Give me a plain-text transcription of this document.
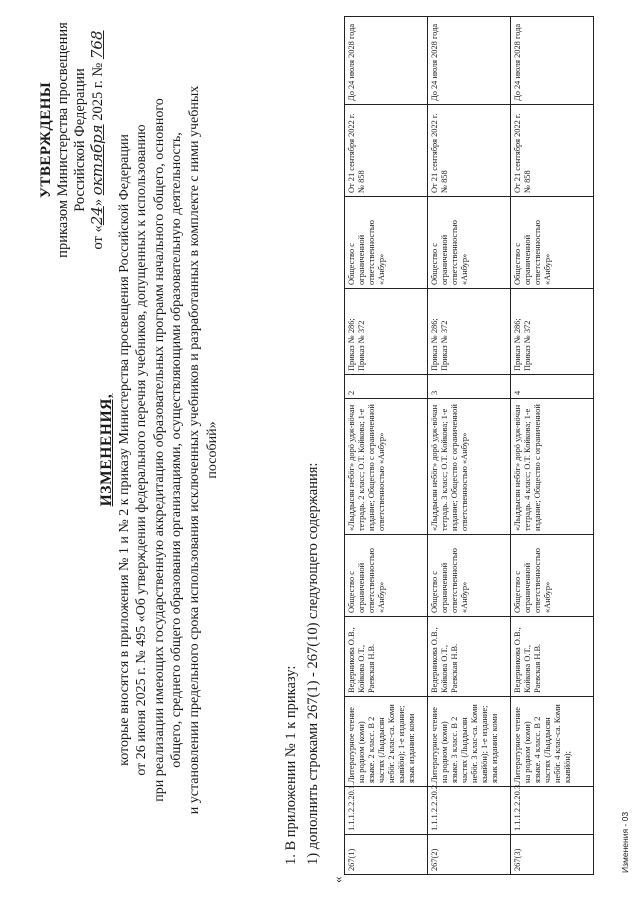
УТВЕРЖДЕНЫ приказом Министерства просвещения Российской Федерации
от «24» октября 2025 г. № 768
ИЗМЕНЕНИЯ, которые вносятся в приложения № 1 и № 2 к приказу Министерства просвещения Российской Федерации от 26 июня 2025 г. № 495 «Об утверждении федерального перечня учебников, допущенных к использованию при реализации имеющих государственную аккредитацию образовательных программ начального общего, основного общего, среднего общего образования организациями, осуществляющими образовательную деятельность, и установлении предельного срока использования исключенных учебников и разработанных в комплекте с ними учебных пособий»
1. В приложении № 1 к приказу: 1) дополнить строками 267(1) - 267(10) следующего содержания:
«
267(1)	1.1.1.2.2.20.1.	Литературное чтение на родном (коми) языке. 2 класс. В 2 частях (Лыддысян небöг. 2 клас-са. Коми кывйöн); 1-е издание; язык издания: коми	Ведерникова О.В., Койкова О.Т., Раевская Н.В.	Общество с ограниченной ответственностью «Анбур»	«Лыддысян небöг» дорö удж-вöчан тетрадь. 2 класс; О.Т. Койкова; 1-е издание; Общество с ограниченной ответственностью «Анбур»	2	Приказ № 286; Приказ № 372	Общество с ограниченной ответственностью «Анбур»	От 21 сентября 2022 г. № 858	До 24 июля 2028 года
267(2)	1.1.1.2.2.20.2.	Литературное чтение на родном (коми) языке. 3 класс. В 2 частях (Лыддысян небöг. 3 клас-са. Коми кывйöн); 1-е издание; язык издания: коми	Ведерникова О.В., Койкова О.Т., Раевская Н.В.	Общество с ограниченной ответственностью «Анбур»	«Лыддысян небöг» дорö удж-вöчан тетрадь. 3 класс; О.Т. Койкова; 1-е издание; Общество с ограниченной ответственностью «Анбур»	3	Приказ № 286; Приказ № 372	Общество с ограниченной ответственностью «Анбур»	От 21 сентября 2022 г. № 858	До 24 июля 2028 года
267(3)	1.1.1.2.2.20.3.	Литературное чтение на родном (коми) языке. 4 класс. В 2 частях (Лыддысян небöг. 4 клас-са. Коми кывйöн);	Ведерникова О.В., Койкова О.Т., Раевская Н.В.	Общество с ограниченной ответственностью «Анбур»	«Лыддысян небöг» дорö удж-вöчан тетрадь. 4 класс; О.Т. Койкова; 1-е издание; Общество с ограниченной	4	Приказ № 286; Приказ № 372	Общество с ограниченной ответственностью «Анбур»	От 21 сентября 2022 г. № 858	До 24 июля 2028 года
Изменения - 03
